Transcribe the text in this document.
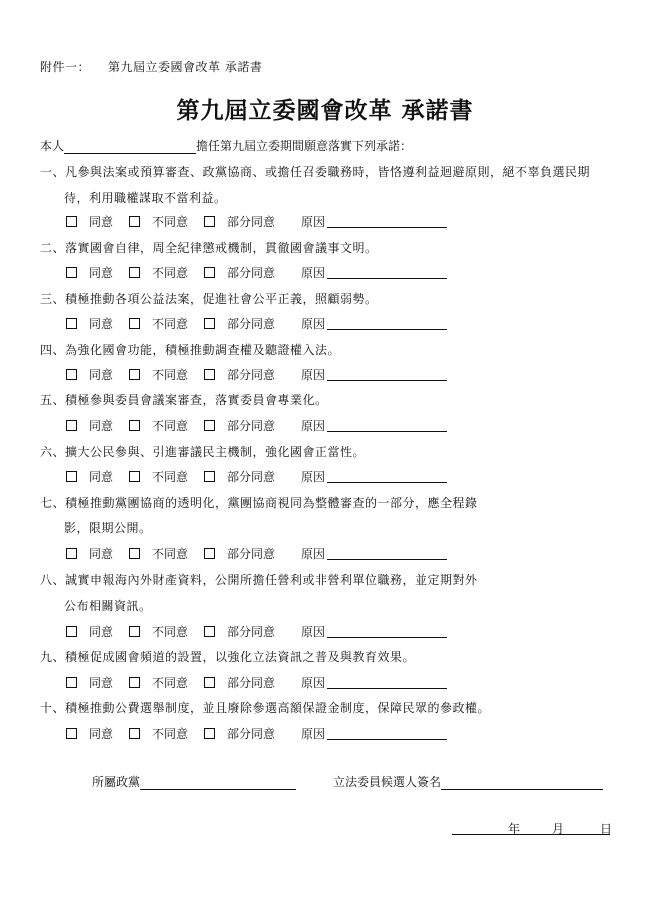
附件一： 第九屆立委國會改革 承諾書
第九屆立委國會改革 承諾書
本人	擔任第九屆立委期間願意落實下列承諾：
一、凡參與法案或預算審查、政黨協商、或擔任召委職務時，皆恪遵利益迴避原則，絕不辜負選民期
待，利用職權謀取不當利益。
同意	不同意	部分同意 原因
二、落實國會自律，周全紀律懲戒機制，貫徹國會議事文明。
同意	不同意	部分同意 原因
三、積極推動各項公益法案，促進社會公平正義，照顧弱勢。
同意	不同意	部分同意 原因
四、為強化國會功能，積極推動調查權及聽證權入法。
同意	不同意	部分同意 原因
五、積極參與委員會議案審查，落實委員會專業化。
同意	不同意	部分同意 原因
六、擴大公民參與、引進審議民主機制，強化國會正當性。
同意	不同意	部分同意 原因
七、積極推動黨團協商的透明化，黨團協商視同為整體審查的一部分，應全程錄
影，限期公開。
同意	不同意	部分同意 原因
八、誠實申報海內外財產資料，公開所擔任營利或非營利單位職務，並定期對外
公布相關資訊。
同意	不同意	部分同意 原因
九、積極促成國會頻道的設置，以強化立法資訊之普及與教育效果。
同意	不同意	部分同意 原因
十、積極推動公費選舉制度，並且廢除參選高額保證金制度，保障民眾的參政權。
同意	不同意	部分同意 原因
所屬政黨	立法委員候選人簽名
年	月	日
